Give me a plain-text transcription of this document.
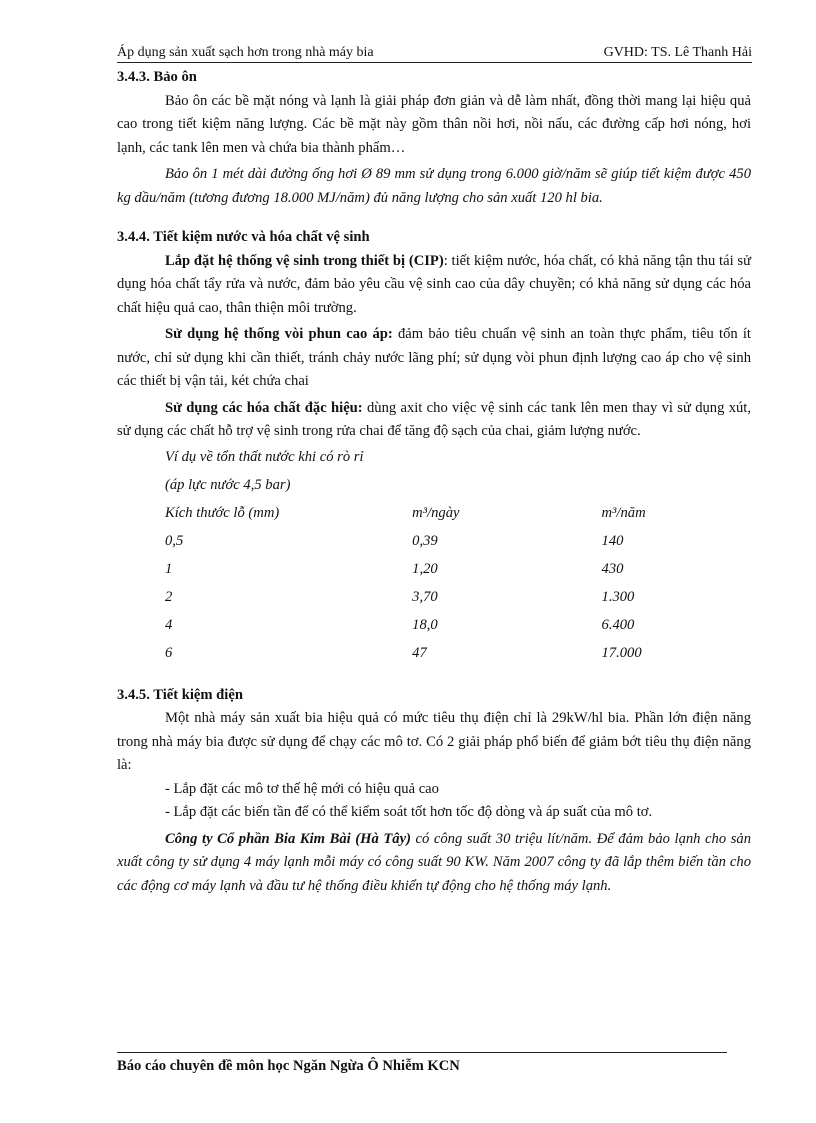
Áp dụng sản xuất sạch hơn trong nhà máy bia	GVHD: TS. Lê Thanh Hải

3.4.3. Bảo ôn

Bảo ôn các bề mặt nóng và lạnh là giải pháp đơn giản và dễ làm nhất, đồng thời mang lại hiệu quả cao trong tiết kiệm năng lượng. Các bề mặt này gồm thân nồi hơi, nồi nấu, các đường cấp hơi nóng, hơi lạnh, các tank lên men và chứa bia thành phẩm…

Bảo ôn 1 mét dài đường ống hơi Ø 89 mm sử dụng trong 6.000 giờ/năm sẽ giúp tiết kiệm được 450 kg dầu/năm (tương đương 18.000 MJ/năm) đủ năng lượng cho sản xuất 120 hl bia.

3.4.4. Tiết kiệm nước và hóa chất vệ sinh

Lắp đặt hệ thống vệ sinh trong thiết bị (CIP): tiết kiệm nước, hóa chất, có khả năng tận thu tái sử dụng hóa chất tẩy rửa và nước, đảm bảo yêu cầu vệ sinh cao của dây chuyền; có khả năng sử dụng các hóa chất hiệu quả cao, thân thiện môi trường.

Sử dụng hệ thống vòi phun cao áp: đảm bảo tiêu chuẩn vệ sinh an toàn thực phẩm, tiêu tốn ít nước, chỉ sử dụng khi cần thiết, tránh chảy nước lãng phí; sử dụng vòi phun định lượng cao áp cho vệ sinh các thiết bị vận tải, két chứa chai

Sử dụng các hóa chất đặc hiệu: dùng axit cho việc vệ sinh các tank lên men thay vì sử dụng xút, sử dụng các chất hỗ trợ vệ sinh trong rửa chai để tăng độ sạch của chai, giảm lượng nước.

Ví dụ về tổn thất nước khi có rò rỉ
(áp lực nước 4,5 bar)
Kích thước lỗ (mm)	m³/ngày	m³/năm
0,5	0,39	140
1	1,20	430
2	3,70	1.300
4	18,0	6.400
6	47	17.000

3.4.5. Tiết kiệm điện

Một nhà máy sản xuất bia hiệu quả có mức tiêu thụ điện chỉ là 29kW/hl bia. Phần lớn điện năng trong nhà máy bia được sử dụng để chạy các mô tơ. Có 2 giải pháp phổ biến để giảm bớt tiêu thụ điện năng là:

- Lắp đặt các mô tơ thế hệ mới có hiệu quả cao

- Lắp đặt các biến tần để có thể kiểm soát tốt hơn tốc độ dòng và áp suất của mô tơ.

Công ty Cổ phần Bia Kim Bài (Hà Tây) có công suất 30 triệu lít/năm. Để đảm bảo lạnh cho sản xuất công ty sử dụng 4 máy lạnh mỗi máy có công suất 90 KW. Năm 2007 công ty đã lắp thêm biến tần cho các động cơ máy lạnh và đầu tư hệ thống điều khiển tự động cho hệ thống máy lạnh.

Báo cáo chuyên đề môn học Ngăn Ngừa Ô Nhiễm KCN
